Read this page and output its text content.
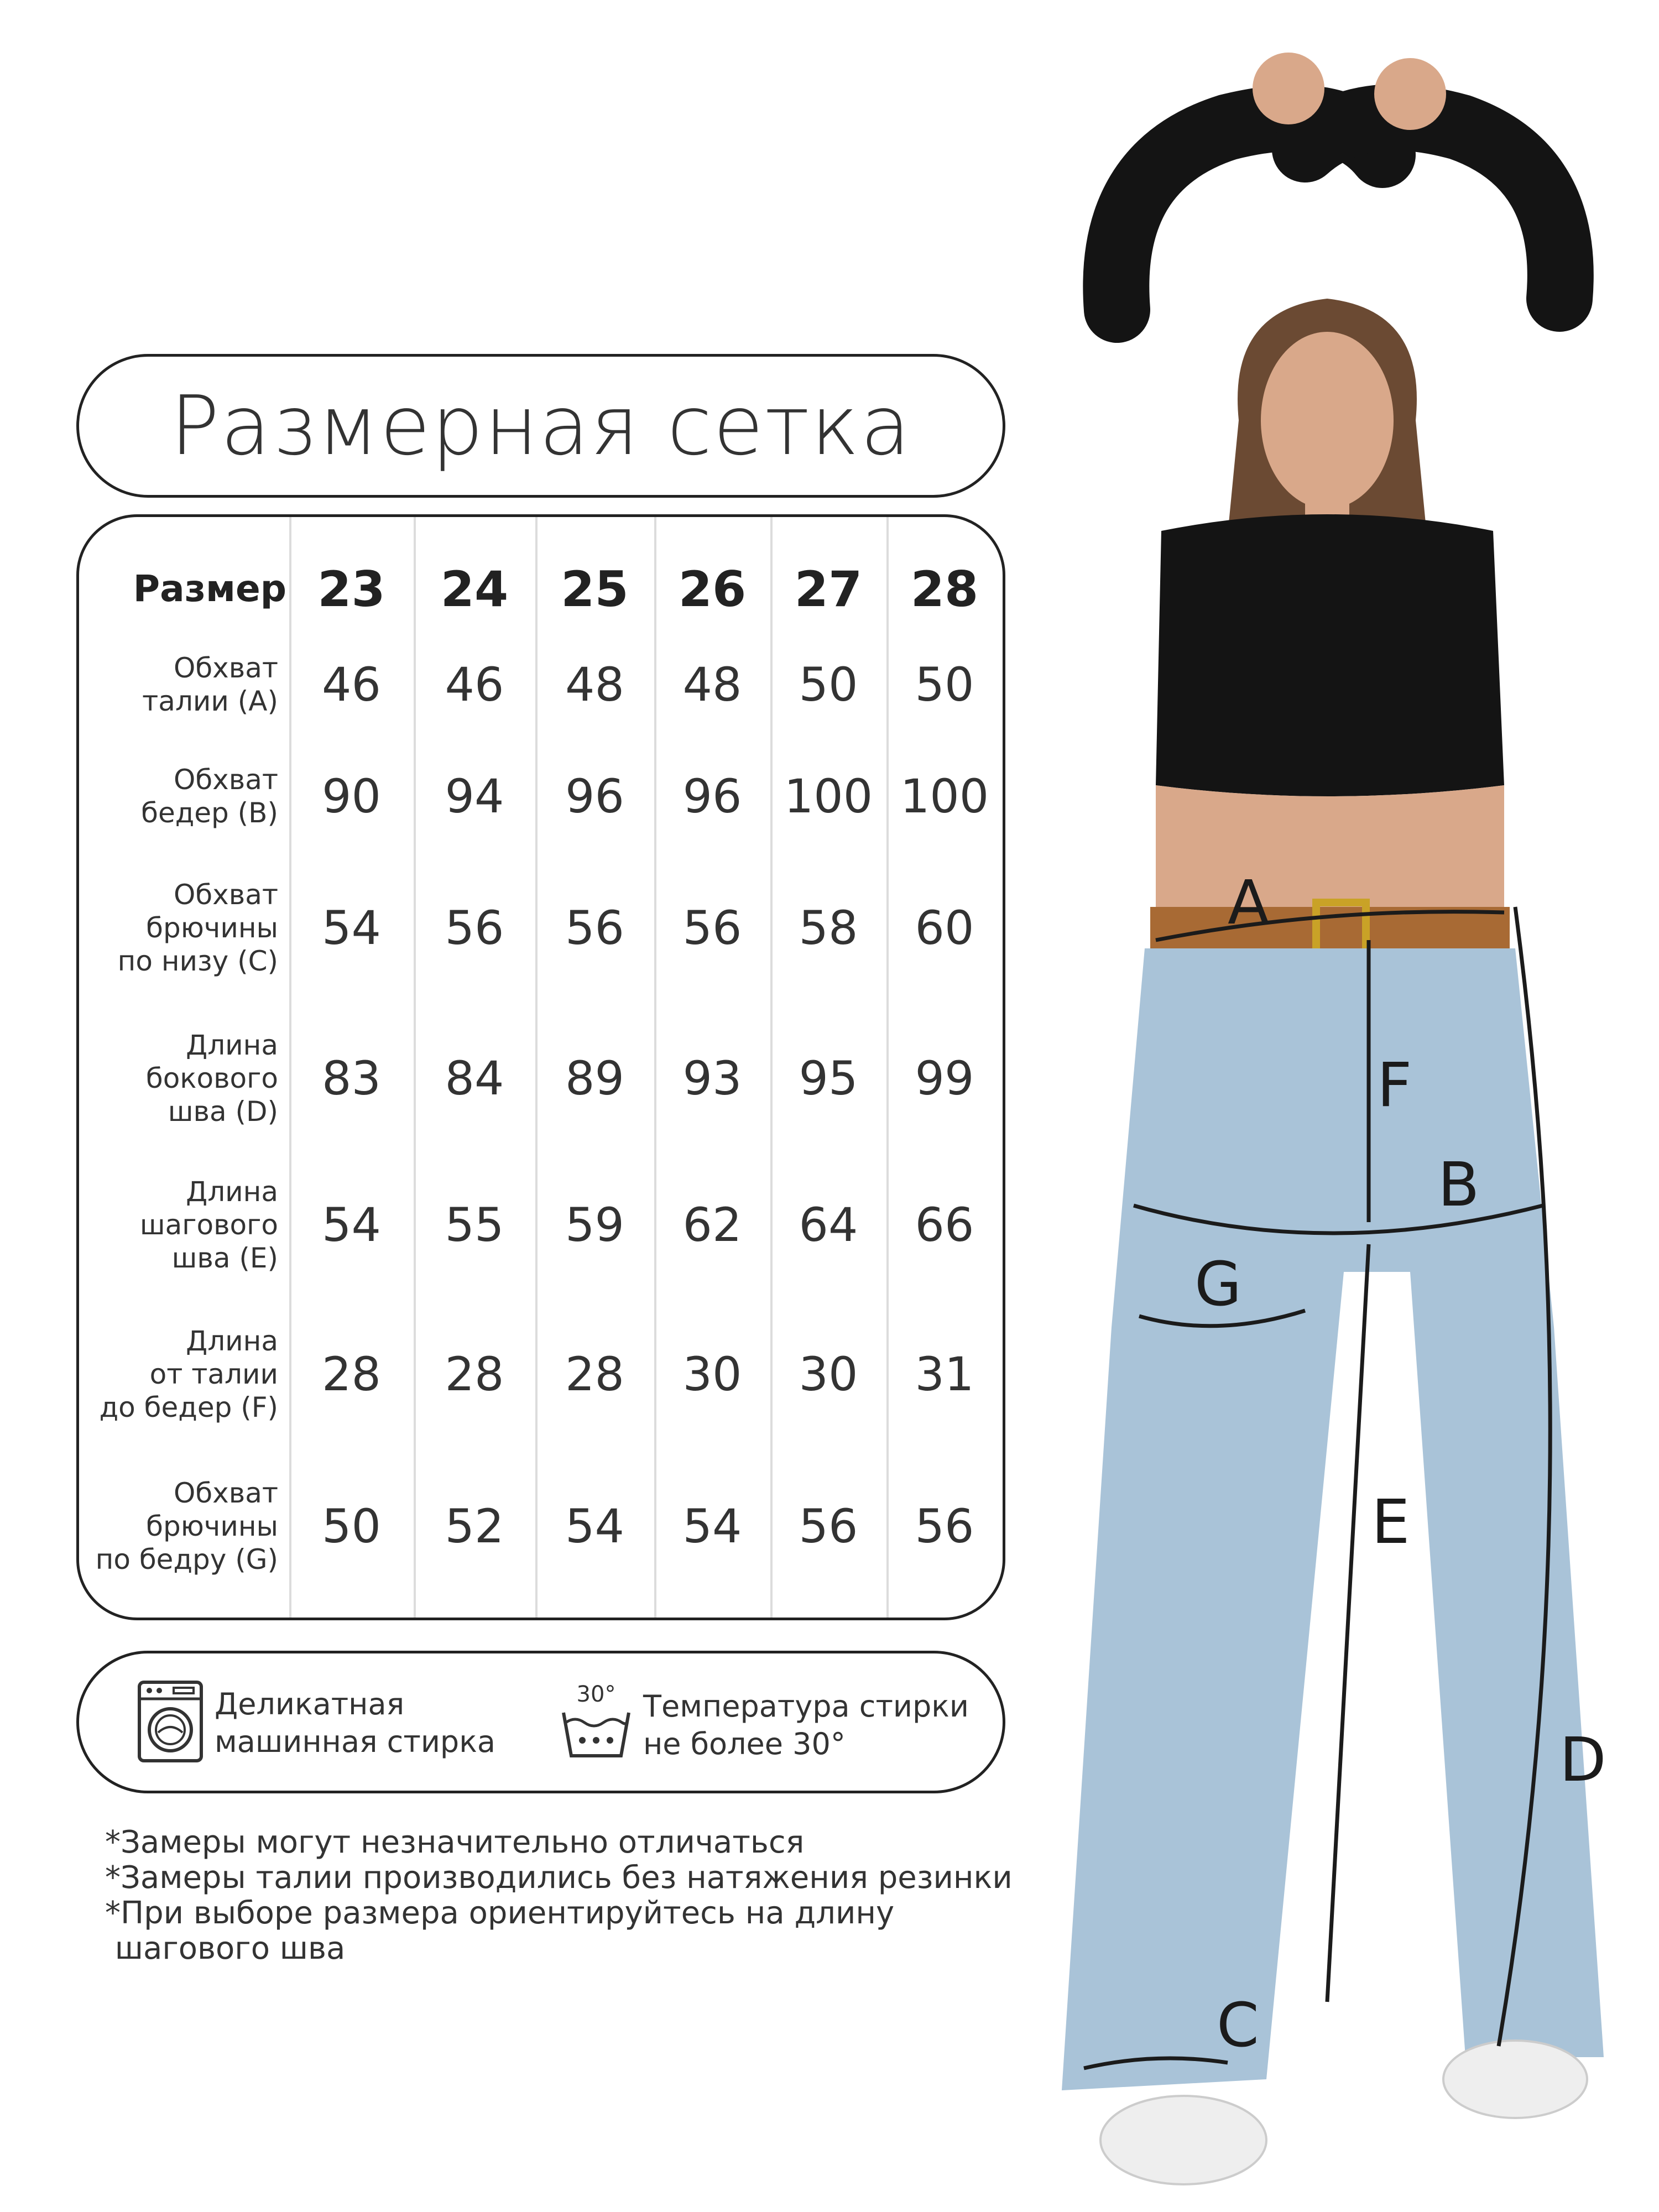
Размерная сетка
Размер 23	24	25	26 27 28
Обхват
талии (A) 46	46	48	48	50	50
Обхват
бедер (B) 90	94	96	96 100 100
Обхват
брючины
по низу (C)
54	56	56	56	58	60
Длина
бокового
шва (D)
83	84	89	93	95	99
Длина
шагового
шва (E)
54	55	59	62	64	66
Длина
от талии
до бедер (F)
28	28	28	30	30	31
Обхват
брючины
по бедру (G)
50	52	54	54	56	56
Деликатная
машинная стирка
30° Температура стирки
не более 30°
*Замеры могут незначительно отличаться
*Замеры талии производились без натяжения резинки
*При выборе размера ориентируйтесь на длину
шагового шва
A
F
B
G
E
D
C
